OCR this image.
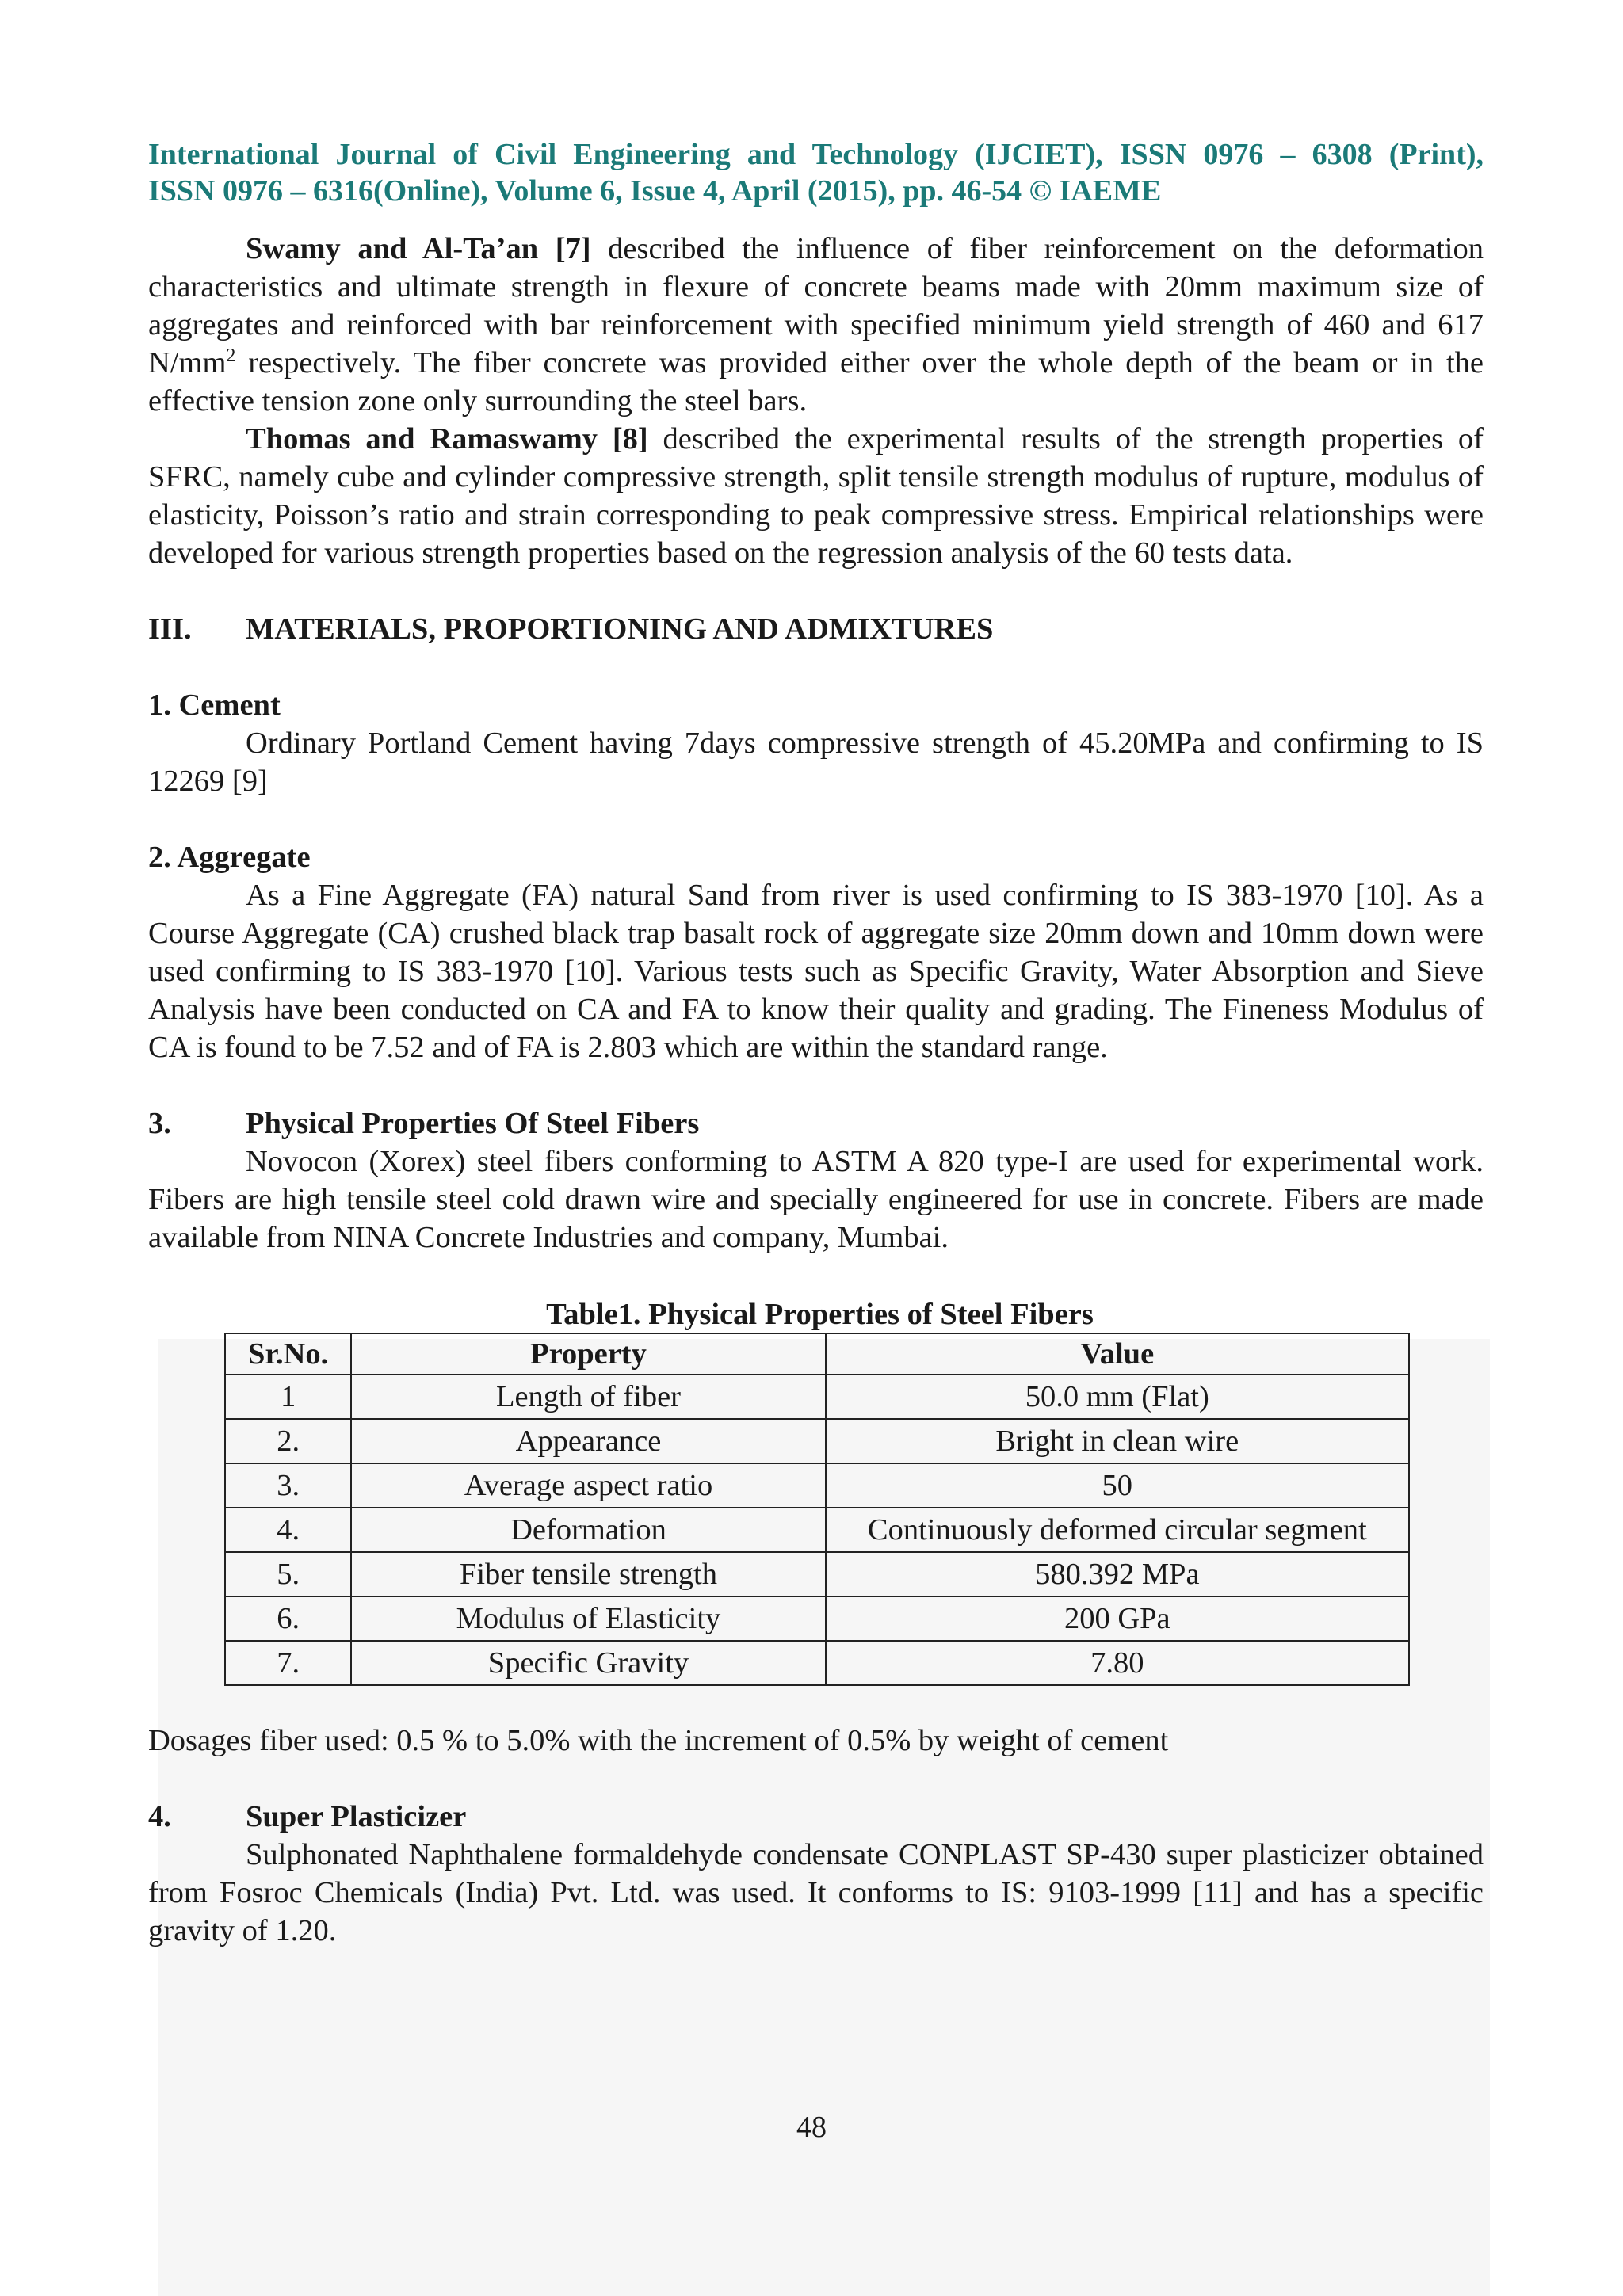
International Journal of Civil Engineering and Technology (IJCIET), ISSN 0976 – 6308 (Print),
ISSN 0976 – 6316(Online), Volume 6, Issue 4, April (2015), pp. 46-54 © IAEME

Swamy and Al-Ta’an [7] described the influence of fiber reinforcement on the deformation characteristics and ultimate strength in flexure of concrete beams made with 20mm maximum size of aggregates and reinforced with bar reinforcement with specified minimum yield strength of 460 and 617 $N/mm^2$ respectively. The fiber concrete was provided either over the whole depth of the beam or in the effective tension zone only surrounding the steel bars.

Thomas and Ramaswamy [8] described the experimental results of the strength properties of SFRC, namely cube and cylinder compressive strength, split tensile strength modulus of rupture, modulus of elasticity, Poisson’s ratio and strain corresponding to peak compressive stress. Empirical relationships were developed for various strength properties based on the regression analysis of the 60 tests data.

III. MATERIALS, PROPORTIONING AND ADMIXTURES
1. Cement

Ordinary Portland Cement having 7days compressive strength of 45.20MPa and confirming to IS 12269 [9]

2. Aggregate

As a Fine Aggregate (FA) natural Sand from river is used confirming to IS 383-1970 [10]. As a Course Aggregate (CA) crushed black trap basalt rock of aggregate size 20mm down and 10mm down were used confirming to IS 383-1970 [10]. Various tests such as Specific Gravity, Water Absorption and Sieve Analysis have been conducted on CA and FA to know their quality and grading. The Fineness Modulus of CA is found to be 7.52 and of FA is 2.803 which are within the standard range.

3. Physical Properties Of Steel Fibers

Novocon (Xorex) steel fibers conforming to ASTM A 820 type-I are used for experimental work. Fibers are high tensile steel cold drawn wire and specially engineered for use in concrete. Fibers are made available from NINA Concrete Industries and company, Mumbai.

Table1. Physical Properties of Steel Fibers
Sr.No.	Property	Value
1	Length of fiber	50.0 mm (Flat)
2.	Appearance	Bright in clean wire
3.	Average aspect ratio	50
4.	Deformation	Continuously deformed circular segment
5.	Fiber tensile strength	580.392 MPa
6.	Modulus of Elasticity	200 GPa
7.	Specific Gravity	7.80

Dosages fiber used: 0.5 % to 5.0% with the increment of 0.5% by weight of cement

4. Super Plasticizer

Sulphonated Naphthalene formaldehyde condensate CONPLAST SP-430 super plasticizer obtained from Fosroc Chemicals (India) Pvt. Ltd. was used. It conforms to IS: 9103-1999 [11] and has a specific gravity of 1.20.

48
